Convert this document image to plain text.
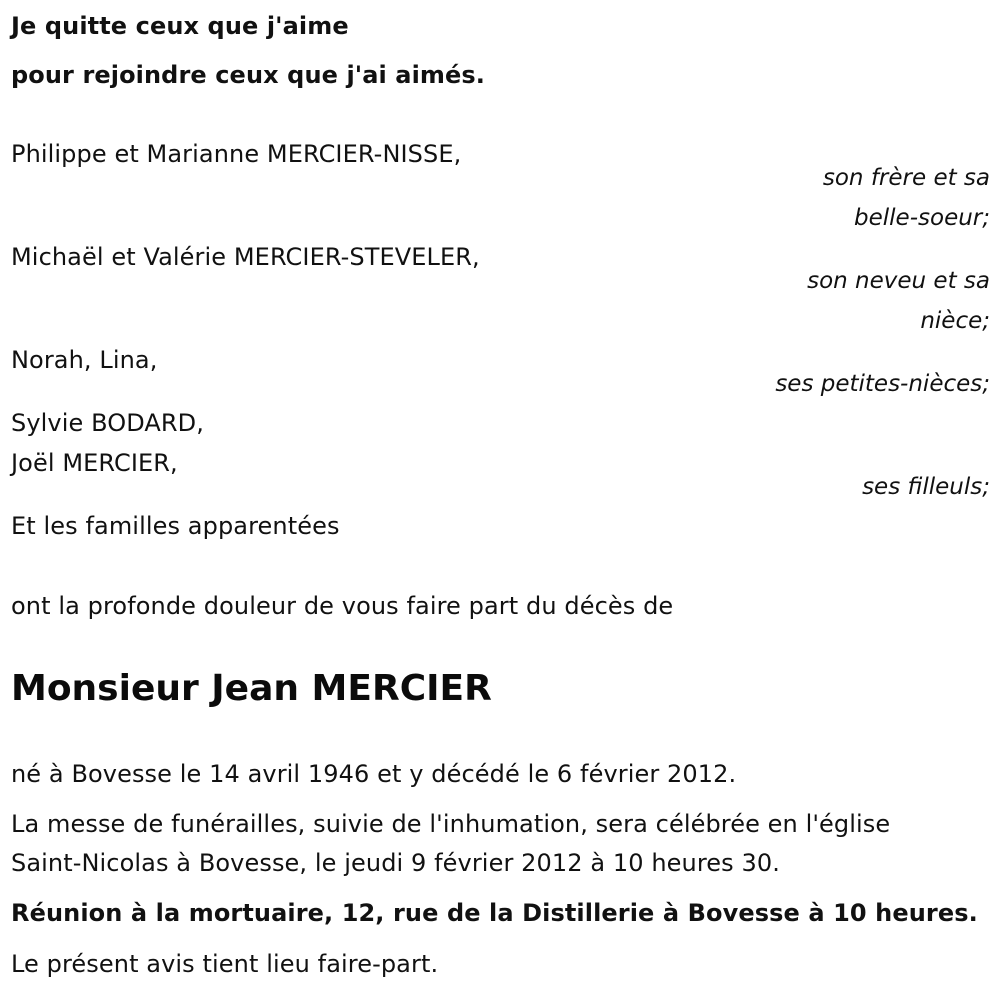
Je quitte ceux que j'aime
pour rejoindre ceux que j'ai aimés.
Philippe et Marianne MERCIER-NISSE,
son frère et sa
belle-soeur;
Michaël et Valérie MERCIER-STEVELER,
son neveu et sa
nièce;
Norah, Lina,
ses petites-nièces;
Sylvie BODARD,
Joël MERCIER,
ses filleuls;
Et les familles apparentées
ont la profonde douleur de vous faire part du décès de
Monsieur Jean MERCIER
né à Bovesse le 14 avril 1946 et y décédé le 6 février 2012.
La messe de funérailles, suivie de l'inhumation, sera célébrée en l'église
Saint-Nicolas à Bovesse, le jeudi 9 février 2012 à 10 heures 30.
Réunion à la mortuaire, 12, rue de la Distillerie à Bovesse à 10 heures.
Le présent avis tient lieu faire-part.
